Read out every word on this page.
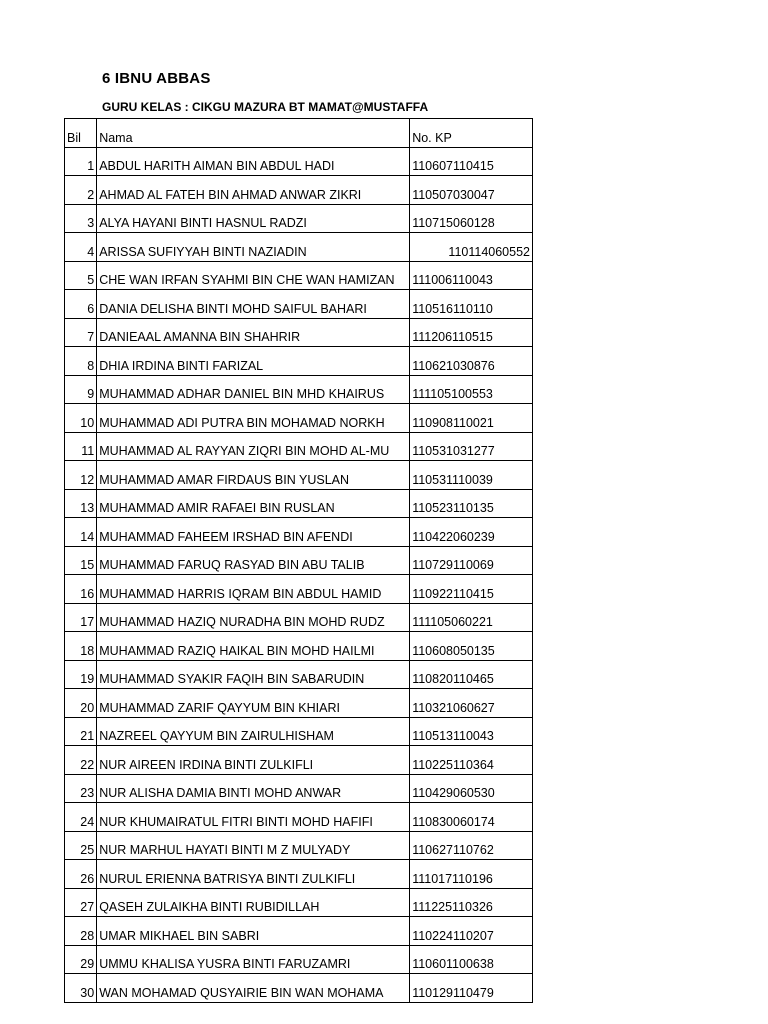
6 IBNU ABBAS
GURU KELAS : CIKGU MAZURA BT MAMAT@MUSTAFFA
Bil	Nama	No. KP
1	ABDUL HARITH AIMAN BIN ABDUL HADI	110607110415
2	AHMAD AL FATEH BIN AHMAD ANWAR ZIKRI	110507030047
3	ALYA HAYANI BINTI HASNUL RADZI	110715060128
4	ARISSA SUFIYYAH BINTI NAZIADIN	110114060552
5	CHE WAN IRFAN SYAHMI BIN CHE WAN HAMIZAN	111006110043
6	DANIA DELISHA BINTI MOHD SAIFUL BAHARI	110516110110
7	DANIEAAL AMANNA BIN SHAHRIR	111206110515
8	DHIA IRDINA BINTI FARIZAL	110621030876
9	MUHAMMAD ADHAR DANIEL BIN MHD KHAIRUS	111105100553
10	MUHAMMAD ADI PUTRA BIN MOHAMAD NORKH	110908110021
11	MUHAMMAD AL RAYYAN ZIQRI BIN MOHD AL-MU	110531031277
12	MUHAMMAD AMAR FIRDAUS BIN YUSLAN	110531110039
13	MUHAMMAD AMIR RAFAEI BIN RUSLAN	110523110135
14	MUHAMMAD FAHEEM IRSHAD BIN AFENDI	110422060239
15	MUHAMMAD FARUQ RASYAD BIN ABU TALIB	110729110069
16	MUHAMMAD HARRIS IQRAM BIN ABDUL HAMID	110922110415
17	MUHAMMAD HAZIQ NURADHA BIN MOHD RUDZ	111105060221
18	MUHAMMAD RAZIQ HAIKAL BIN MOHD HAILMI	110608050135
19	MUHAMMAD SYAKIR FAQIH BIN SABARUDIN	110820110465
20	MUHAMMAD ZARIF QAYYUM BIN KHIARI	110321060627
21	NAZREEL QAYYUM BIN ZAIRULHISHAM	110513110043
22	NUR AIREEN IRDINA BINTI ZULKIFLI	110225110364
23	NUR ALISHA DAMIA BINTI MOHD ANWAR	110429060530
24	NUR KHUMAIRATUL FITRI BINTI MOHD HAFIFI	110830060174
25	NUR MARHUL HAYATI BINTI M Z MULYADY	110627110762
26	NURUL ERIENNA BATRISYA BINTI ZULKIFLI	111017110196
27	QASEH ZULAIKHA BINTI RUBIDILLAH	111225110326
28	UMAR MIKHAEL BIN SABRI	110224110207
29	UMMU KHALISA YUSRA BINTI FARUZAMRI	110601100638
30	WAN MOHAMAD QUSYAIRIE BIN WAN MOHAMA	110129110479
